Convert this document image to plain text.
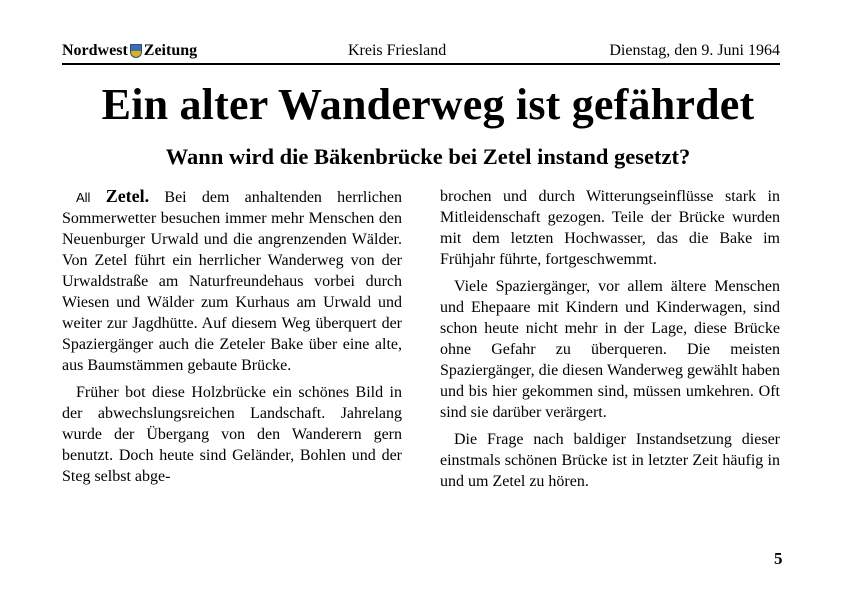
Nordwest Zeitung	Kreis Friesland	Dienstag, den 9. Juni 1964
Ein alter Wanderweg ist gefährdet
Wann wird die Bäkenbrücke bei Zetel instand gesetzt?

All Zetel. Bei dem anhaltenden herrlichen Sommerwetter besuchen immer mehr Menschen den Neuenburger Urwald und die angrenzenden Wälder. Von Zetel führt ein herrlicher Wanderweg von der Urwaldstraße am Naturfreundehaus vorbei durch Wiesen und Wälder zum Kurhaus am Urwald und weiter zur Jagdhütte. Auf diesem Weg überquert der Spaziergänger auch die Zeteler Bake über eine alte, aus Baumstämmen gebaute Brücke.

Früher bot diese Holzbrücke ein schönes Bild in der abwechslungsreichen Landschaft. Jahrelang wurde der Übergang von den Wanderern gern benutzt. Doch heute sind Geländer, Bohlen und der Steg selbst abge-

brochen und durch Witterungseinflüsse stark in Mitleidenschaft gezogen. Teile der Brücke wurden mit dem letzten Hochwasser, das die Bake im Frühjahr führte, fortgeschwemmt.

Viele Spaziergänger, vor allem ältere Menschen und Ehepaare mit Kindern und Kinderwagen, sind schon heute nicht mehr in der Lage, diese Brücke ohne Gefahr zu überqueren. Die meisten Spaziergänger, die diesen Wanderweg gewählt haben und bis hier gekommen sind, müssen umkehren. Oft sind sie darüber verärgert.

Die Frage nach baldiger Instandsetzung dieser einstmals schönen Brücke ist in letzter Zeit häufig in und um Zetel zu hören.

5
